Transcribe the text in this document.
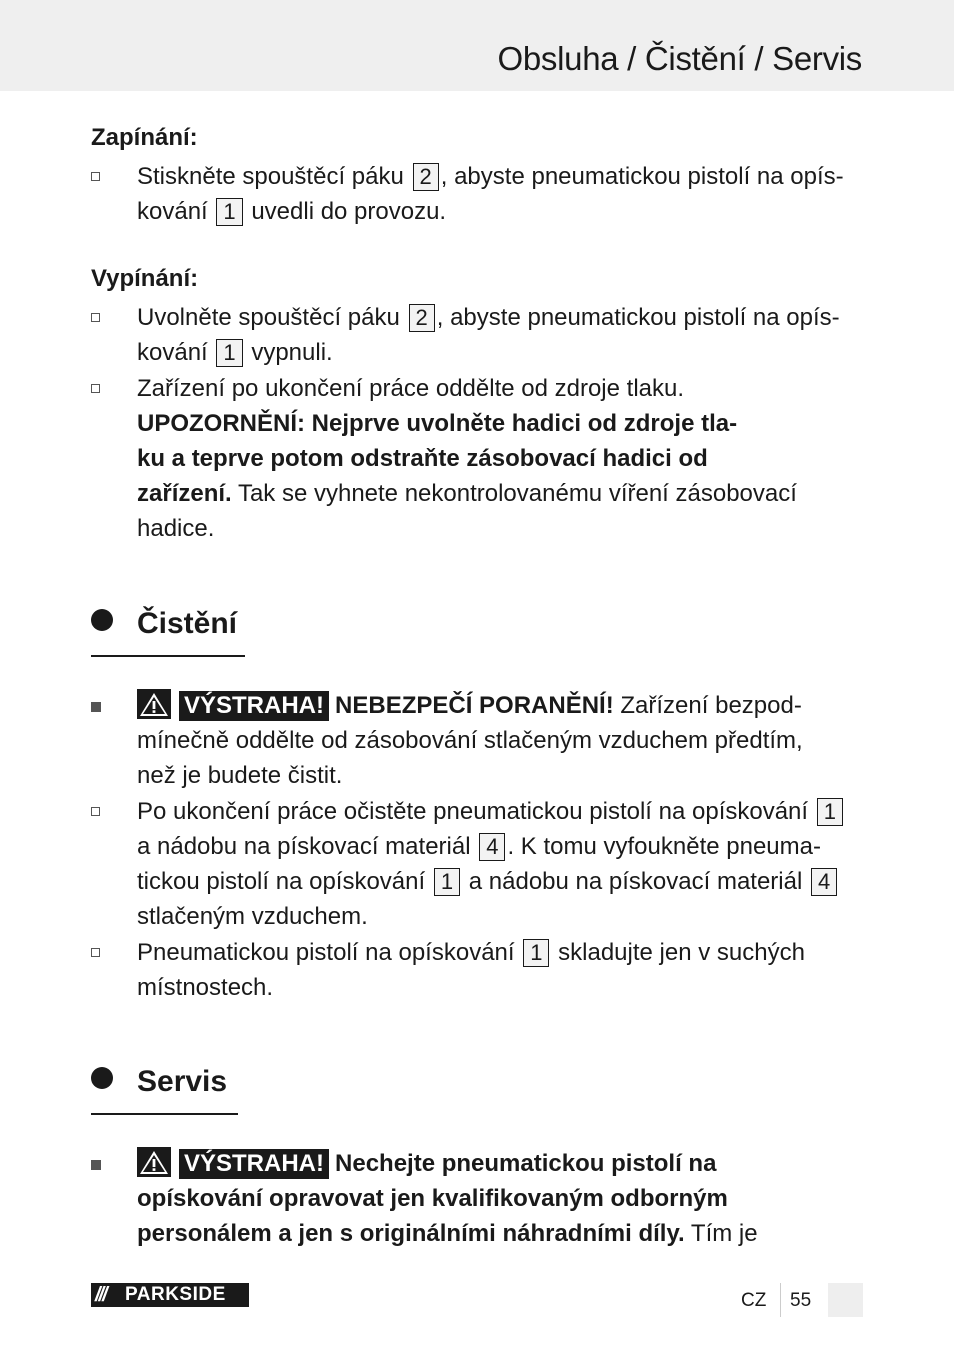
Obsluha / Čistění / Servis
Zapínání:
Stiskněte spouštěcí páku 2 , abyste pneumatickou pistolí na opís-
kování 1 uvedli do provozu.
Vypínání:
Uvolněte spouštěcí páku 2 , abyste pneumatickou pistolí na opís-
kování 1 vypnuli.
Zařízení po ukončení práce oddělte od zdroje tlaku.
UPOZORNĚNÍ: Nejprve uvolněte hadici od zdroje tla-
ku a teprve potom odstraňte zásobovací hadici od
zařízení. Tak se vyhnete nekontrolovanému víření zásobovací
hadice.
Čistění
VÝSTRAHA! NEBEZPEČÍ PORANĚNÍ! Zařízení bezpod-
mínečně oddělte od zásobování stlačeným vzduchem předtím,
než je budete čistit.
Po ukončení práce očistěte pneumatickou pistolí na opískování 1
a nádobu na pískovací materiál 4 . K tomu vyfoukněte pneuma-
tickou pistolí na opískování 1 a nádobu na pískovací materiál 4
stlačeným vzduchem.
Pneumatickou pistolí na opískování 1 skladujte jen v suchých
místnostech.
Servis
VÝSTRAHA! Nechejte pneumatickou pistolí na
opískování opravovat jen kvalifikovaným odborným
personálem a jen s originálními náhradními díly. Tím je
/// PARKSIDE	CZ 55
